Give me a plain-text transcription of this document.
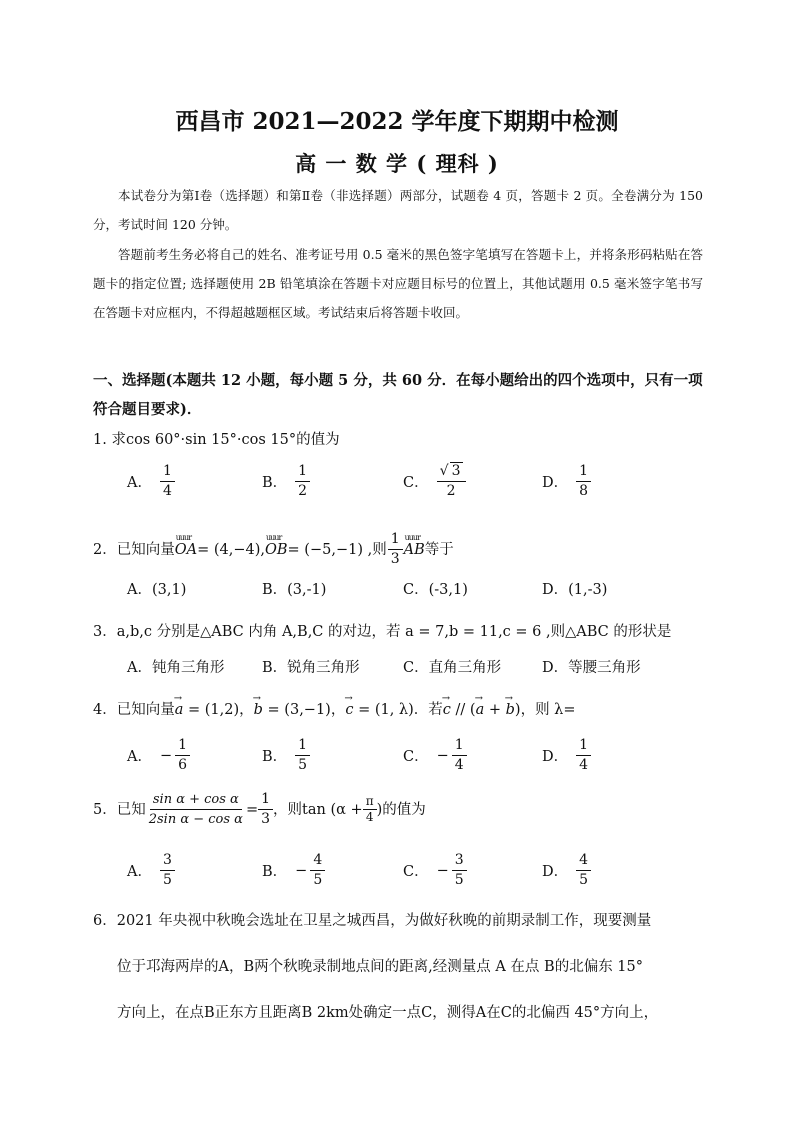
西昌市 2021—2022 学年度下期期中检测
高 一 数 学 ( 理科 )
本试卷分为第Ⅰ卷（选择题）和第Ⅱ卷（非选择题）两部分，试题卷 4 页，答题卡 2 页。全卷满分为 150 分，考试时间 120 分钟。
答题前考生务必将自己的姓名、准考证号用 0.5 毫米的黑色签字笔填写在答题卡上，并将条形码粘贴在答题卡的指定位置; 选择题使用 2B 铅笔填涂在答题卡对应题目标号的位置上，其他试题用 0.5 毫米签字笔书写在答题卡对应框内，不得超越题框区域。考试结束后将答题卡收回。
一、选择题(本题共 12 小题，每小题 5 分，共 60 分．在每小题给出的四个选项中，只有一项符合题目要求)．
1. 求cos 60°·sin 15°·cos 15°的值为
A． $\frac{1}{4}$	B． $\frac{1}{2}$	C． √ $\frac{3}{2}$	D． $\frac{1}{8}$
2．已知向量 uuur OA = (4,−4), uuur OB = (−5,−1) ,则 $\frac{1}{3}$ uuur AB 等于
A．(3,1)	B．(3,-1)	C．(-3,1)	D．(1,-3)
3．a,b,c 分别是△ABC 内角 A,B,C 的对边，若 a = 7,b = 11,c = 6 ,则△ABC 的形状是
A．钝角三角形	B．锐角三角形	C．直角三角形	D．等腰三角形
4．已知向量→ a = (1,2)，→ b = (3,−1)，→ c = (1, λ)．若→ c // (→ a + → b)，则 λ=
A． − $\frac{1}{6}$	B． $\frac{1}{5}$	C． − $\frac{1}{4}$	D． $\frac{1}{4}$
5．已知 $\frac{\text{sin α + cos α}}{\text{2sin α − cos α}} = \frac{1}{3}$ ，则$\tan (\alpha + \frac{\pi}{4}$ )的值为
A． $\frac{3}{5}$	B． − $\frac{4}{5}$	C． − $\frac{3}{5}$	D． $\frac{4}{5}$
6．2021 年央视中秋晚会选址在卫星之城西昌，为做好秋晚的前期录制工作，现要测量
位于邛海两岸的A，B两个秋晚录制地点间的距离,经测量点 A 在点 B的北偏东 15°
方向上，在点B正东方且距离B 2km处确定一点C，测得A在C的北偏西 45°方向上，
